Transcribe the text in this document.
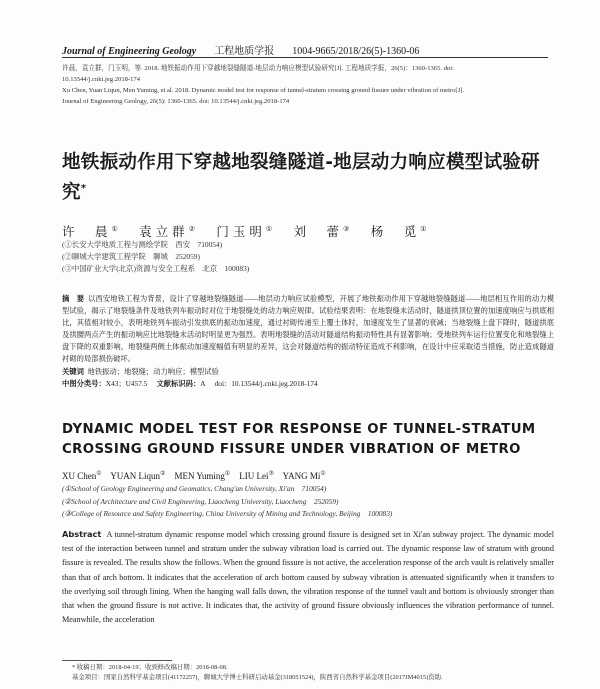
Journal of Engineering Geology 工程地质学报 1004-9665/2018/26(5)-1360-06

许晨，袁立群，门玉明，等. 2018. 地铁振动作用下穿越地裂缝隧道-地层动力响应模型试验研究[J]. 工程地质学报，26(5)：1360-1365. doi:

10.13544/j.cnki.jeg.2018-174

Xu Chen, Yuan Liqun, Men Yuming, et al. 2018. Dynamic model test for response of tunnel-stratum crossing ground fissure under vibration of metro[J].

Journal of Engineering Geology, 26(5): 1360-1365. doi: 10.13544/j.cnki.jeg.2018-174

地铁振动作用下穿越地裂缝隧道-地层动力响应模型试验研究*
许　晨① 袁立群② 门玉明① 刘　蕾③ 杨　觅①

(①长安大学地质工程与测绘学院　西安　710054)

(②聊城大学建筑工程学院　聊城　252059)

(③中国矿业大学(北京)资源与安全工程系　北京　100083)

摘　要 以西安地铁工程为背景，设计了穿越地裂缝隧道——地层动力响应试验模型，开展了地铁振动作用下穿越地裂缝隧道——地层相互作用的动力模型试验，揭示了地裂缝条件及地铁列车振动时对位于地裂缝处的动力响应规律。试验结果表明：在地裂缝未活动时，隧道拱顶位置的加速度响应与拱底相比，其值相对较小，表明地铁列车振动引发拱底的振动加速度，通过衬砌传递至上覆土体时，加速度发生了显著的衰减；当地裂缝上盘下降时，隧道拱底及拱腰两点产生的振动响应比地裂缝未活动时明显更为强烈。表明地裂缝的活动对隧道结构振动特性具有显著影响；受地铁列车运行位置变化和地裂缝上盘下降的双重影响，地裂缝两侧土体振动加速度幅值有明显的差异，这会对隧道结构的振动特征造成不利影响，在设计中应采取适当措施，防止造成隧道衬砌的局部损伤破坏。

关键词 地铁振动；地裂缝；动力响应；模型试验

中图分类号：X43；U457.5 文献标识码：A doi：10.13544/j.cnki.jeg.2018-174

DYNAMIC MODEL TEST FOR RESPONSE OF TUNNEL-STRATUM

CROSSING GROUND FISSURE UNDER VIBRATION OF METRO

XU Chen① YUAN Liqun② MEN Yuming① LIU Lei③ YANG Mi①

(①School of Geology Engineering and Geomatics, Chang'an University, Xi'an　710054)

(②School of Architecture and Civil Engineering, Liaocheng University, Liaocheng　252059)

(③College of Resource and Safety Engineering, China University of Mining and Technology, Beijing　100083)

Abstract A tunnel-stratum dynamic response model which crossing ground fissure is designed set in Xi'an subway project. The dynamic model test of the interaction between tunnel and stratum under the subway vibration load is carried out. The dynamic response law of stratum with ground fissure is revealed. The results show the follows. When the ground fissure is not active, the acceleration response of the arch vault is relatively smaller than that of arch bottom. It indicates that the acceleration of arch bottom caused by subway vibration is attenuated significantly when it transfers to the overlying soil through lining. When the hanging wall falls down, the vibration response of the tunnel vault and bottom is obviously stronger than that when the ground fissure is not active. It indicates that, the activity of ground fissure obviously influences the vibration performance of tunnel. Meanwhile, the acceleration

* 收稿日期：2018-04-19；收到修改稿日期：2018-08-08.

基金项目：国家自然科学基金项目(41172257)，聊城大学博士科研启动基金(318051524)，陕西省自然科学基金项目(2017JM4015)资助.
